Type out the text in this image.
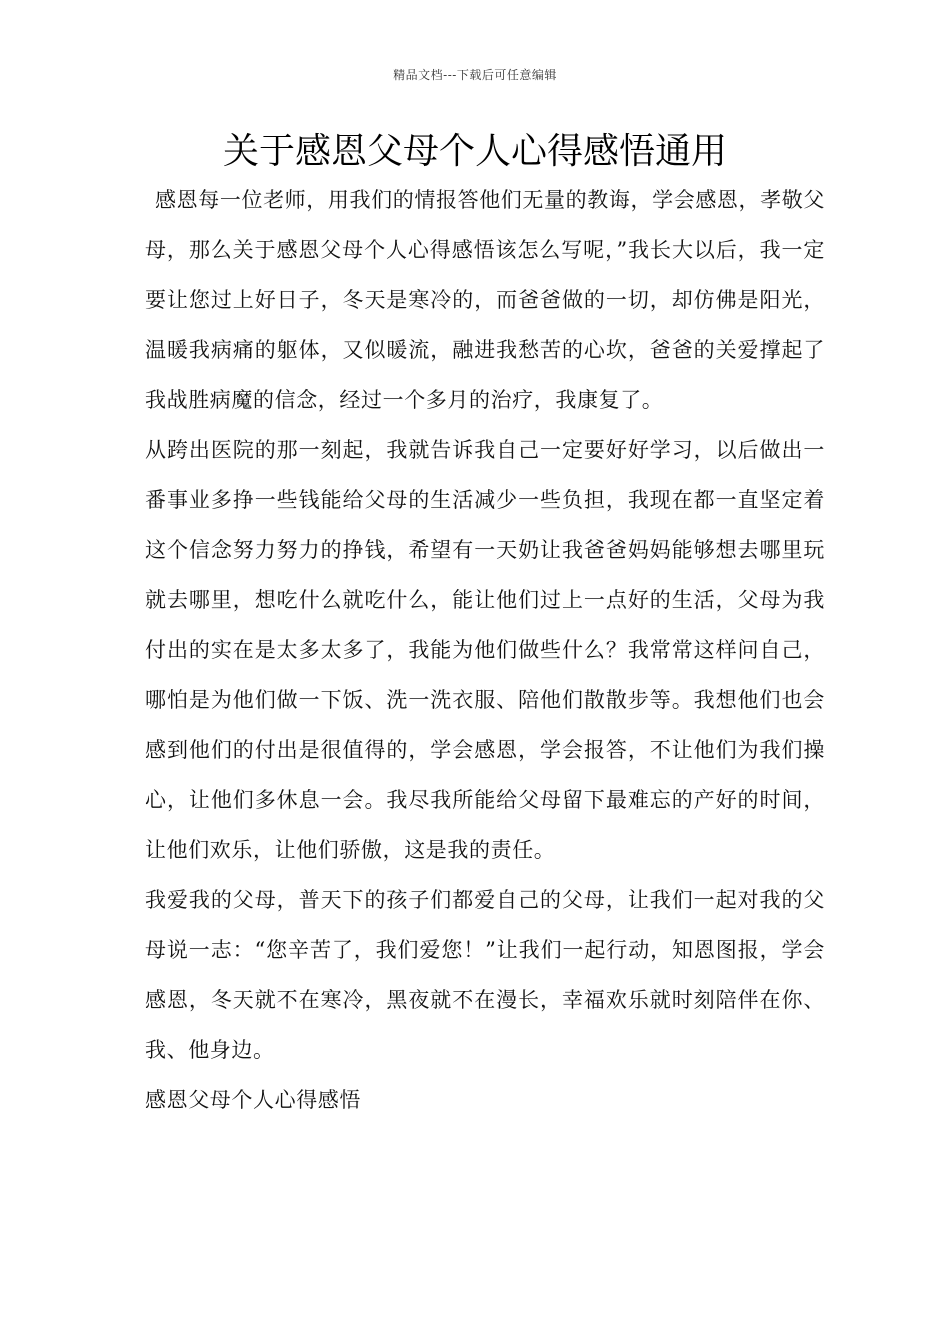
精品文档---下载后可任意编辑
关于感恩父母个人心得感悟通用

感恩每一位老师，用我们的情报答他们无量的教诲，学会感恩，孝敬父母，那么关于感恩父母个人心得感悟该怎么写呢，”我长大以后，我一定要让您过上好日子，冬天是寒冷的，而爸爸做的一切，却仿佛是阳光，温暖我病痛的躯体，又似暖流，融进我愁苦的心坎，爸爸的关爱撑起了我战胜病魔的信念，经过一个多月的治疗，我康复了。

从跨出医院的那一刻起，我就告诉我自己一定要好好学习，以后做出一番事业多挣一些钱能给父母的生活减少一些负担，我现在都一直坚定着这个信念努力努力的挣钱，希望有一天奶让我爸爸妈妈能够想去哪里玩就去哪里，想吃什么就吃什么，能让他们过上一点好的生活，父母为我付出的实在是太多太多了，我能为他们做些什么？我常常这样问自己，哪怕是为他们做一下饭、洗一洗衣服、陪他们散散步等。我想他们也会感到他们的付出是很值得的，学会感恩，学会报答，不让他们为我们操心，让他们多休息一会。我尽我所能给父母留下最难忘的产好的时间，让他们欢乐，让他们骄傲，这是我的责任。

我爱我的父母，普天下的孩子们都爱自己的父母，让我们一起对我的父母说一志：“您辛苦了，我们爱您！”让我们一起行动，知恩图报，学会感恩，冬天就不在寒冷，黑夜就不在漫长，幸福欢乐就时刻陪伴在你、我、他身边。

感恩父母个人心得感悟
